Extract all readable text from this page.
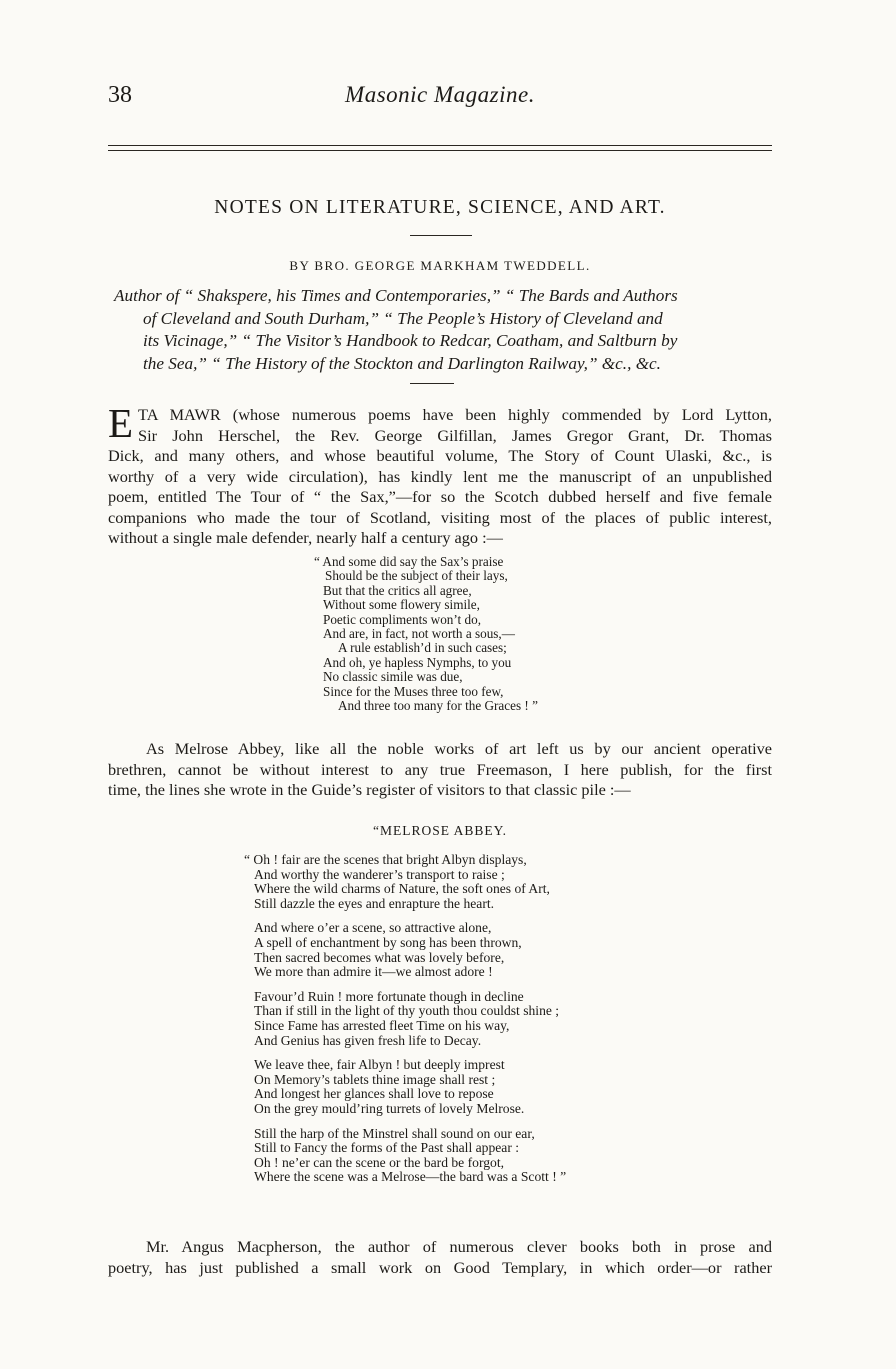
38	Masonic Magazine.
NOTES ON LITERATURE, SCIENCE, AND ART.
BY BRO. GEORGE MARKHAM TWEDDELL.
Author of “ Shakspere, his Times and Contemporaries,” “ The Bards and Authors
of Cleveland and South Durham,” “ The People’s History of Cleveland and
its Vicinage,” “ The Visitor’s Handbook to Redcar, Coatham, and Saltburn by
the Sea,” “ The History of the Stockton and Darlington Railway,” &c., &c.
E TA MAWR (whose numerous poems have been highly commended by Lord Lytton,
Sir John Herschel, the Rev. George Gilfillan, James Gregor Grant, Dr. Thomas
Dick, and many others, and whose beautiful volume, The Story of Count Ulaski, &c., is
worthy of a very wide circulation), has kindly lent me the manuscript of an unpublished
poem, entitled The Tour of “ the Sax,”—for so the Scotch dubbed herself and five female
companions who made the tour of Scotland, visiting most of the places of public interest,
without a single male defender, nearly half a century ago :—
“ And some did say the Sax’s praise
Should be the subject of their lays,
But that the critics all agree,
Without some flowery simile,
Poetic compliments won’t do,
And are, in fact, not worth a sous,—
A rule establish’d in such cases;
And oh, ye hapless Nymphs, to you
No classic simile was due,
Since for the Muses three too few,
And three too many for the Graces ! ”
As Melrose Abbey, like all the noble works of art left us by our ancient operative
brethren, cannot be without interest to any true Freemason, I here publish, for the first
time, the lines she wrote in the Guide’s register of visitors to that classic pile :—
“MELROSE ABBEY.
“ Oh ! fair are the scenes that bright Albyn displays,
And worthy the wanderer’s transport to raise ;
Where the wild charms of Nature, the soft ones of Art,
Still dazzle the eyes and enrapture the heart.
And where o’er a scene, so attractive alone,
A spell of enchantment by song has been thrown,
Then sacred becomes what was lovely before,
We more than admire it—we almost adore !
Favour’d Ruin ! more fortunate though in decline
Than if still in the light of thy youth thou couldst shine ;
Since Fame has arrested fleet Time on his way,
And Genius has given fresh life to Decay.
We leave thee, fair Albyn ! but deeply imprest
On Memory’s tablets thine image shall rest ;
And longest her glances shall love to repose
On the grey mould’ring turrets of lovely Melrose.
Still the harp of the Minstrel shall sound on our ear,
Still to Fancy the forms of the Past shall appear :
Oh ! ne’er can the scene or the bard be forgot,
Where the scene was a Melrose—the bard was a Scott ! ”
Mr. Angus Macpherson, the author of numerous clever books both in prose and
poetry, has just published a small work on Good Templary, in which order—or rather
